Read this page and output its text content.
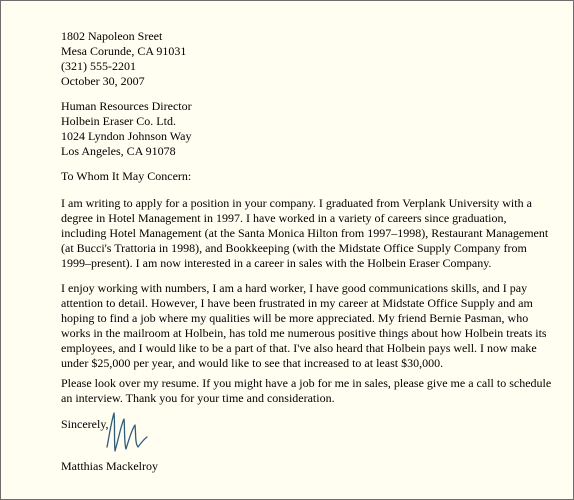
1802 Napoleon Sreet
Mesa Corunde, CA 91031
(321) 555-2201
October 30, 2007
Human Resources Director
Holbein Eraser Co. Ltd.
1024 Lyndon Johnson Way
Los Angeles, CA 91078
To Whom It May Concern:
I am writing to apply for a position in your company. I graduated from Verplank University with a
degree in Hotel Management in 1997. I have worked in a variety of careers since graduation,
including Hotel Management (at the Santa Monica Hilton from 1997–1998), Restaurant Management
(at Bucci's Trattoria in 1998), and Bookkeeping (with the Midstate Office Supply Company from
1999–present). I am now interested in a career in sales with the Holbein Eraser Company.
I enjoy working with numbers, I am a hard worker, I have good communications skills, and I pay
attention to detail. However, I have been frustrated in my career at Midstate Office Supply and am
hoping to find a job where my qualities will be more appreciated. My friend Bernie Pasman, who
works in the mailroom at Holbein, has told me numerous positive things about how Holbein treats its
employees, and I would like to be a part of that. I've also heard that Holbein pays well. I now make
under $25,000 per year, and would like to see that increased to at least $30,000.
Please look over my resume. If you might have a job for me in sales, please give me a call to schedule
an interview. Thank you for your time and consideration.
Sincerely,
Matthias Mackelroy
